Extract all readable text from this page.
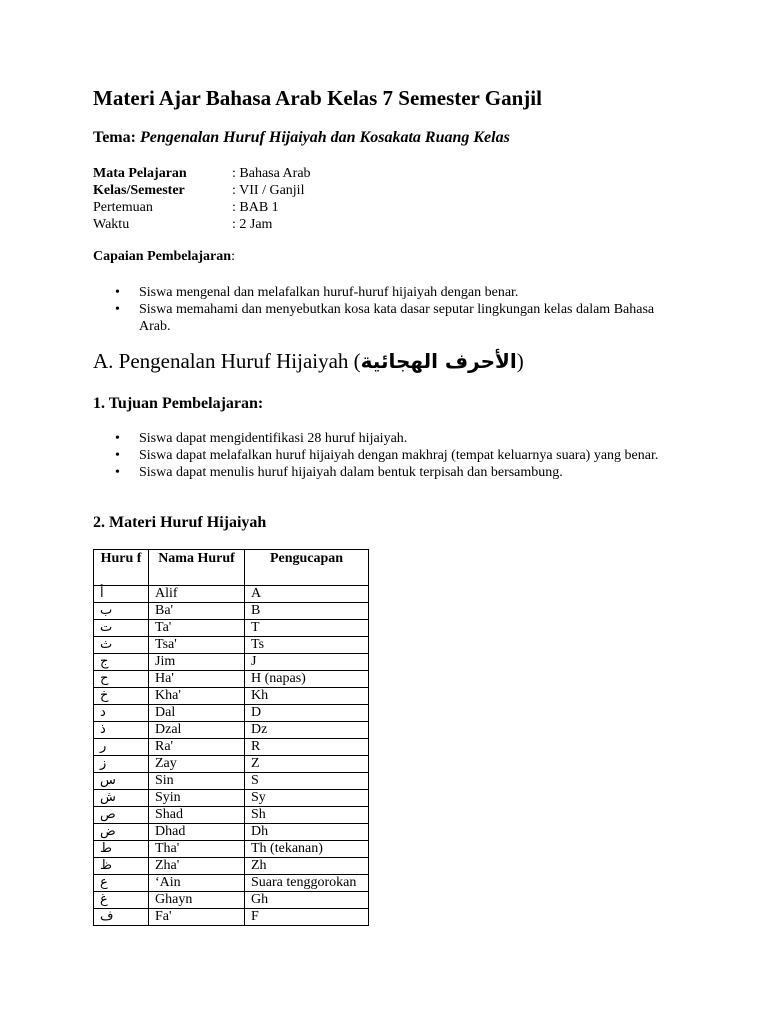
Materi Ajar Bahasa Arab Kelas 7 Semester Ganjil
Tema: Pengenalan Huruf Hijaiyah dan Kosakata Ruang Kelas
Mata Pelajaran	: Bahasa Arab
Kelas/Semester	: VII / Ganjil
Pertemuan	: BAB 1
Waktu	: 2 Jam
Capaian Pembelajaran:
• Siswa mengenal dan melafalkan huruf-huruf hijaiyah dengan benar.
• Siswa memahami dan menyebutkan kosa kata dasar seputar lingkungan kelas dalam Bahasa Arab.
A. Pengenalan Huruf Hijaiyah (الأحرف الهجائية)
1. Tujuan Pembelajaran:
• Siswa dapat mengidentifikasi 28 huruf hijaiyah.
• Siswa dapat melafalkan huruf hijaiyah dengan makhraj (tempat keluarnya suara) yang benar.
• Siswa dapat menulis huruf hijaiyah dalam bentuk terpisah dan bersambung.
2. Materi Huruf Hijaiyah
Huru f	Nama Huruf	Pengucapan
أ	Alif	A
ب	Ba'	B
ت	Ta'	T
ث	Tsa'	Ts
ج	Jim	J
ح	Ha'	H (napas)
خ	Kha'	Kh
د	Dal	D
ذ	Dzal	Dz
ر	Ra'	R
ز	Zay	Z
س	Sin	S
ش	Syin	Sy
ص	Shad	Sh
ض	Dhad	Dh
ط	Tha'	Th (tekanan)
ظ	Zha'	Zh
ع	‘Ain	Suara tenggorokan
غ	Ghayn	Gh
ف	Fa'	F
